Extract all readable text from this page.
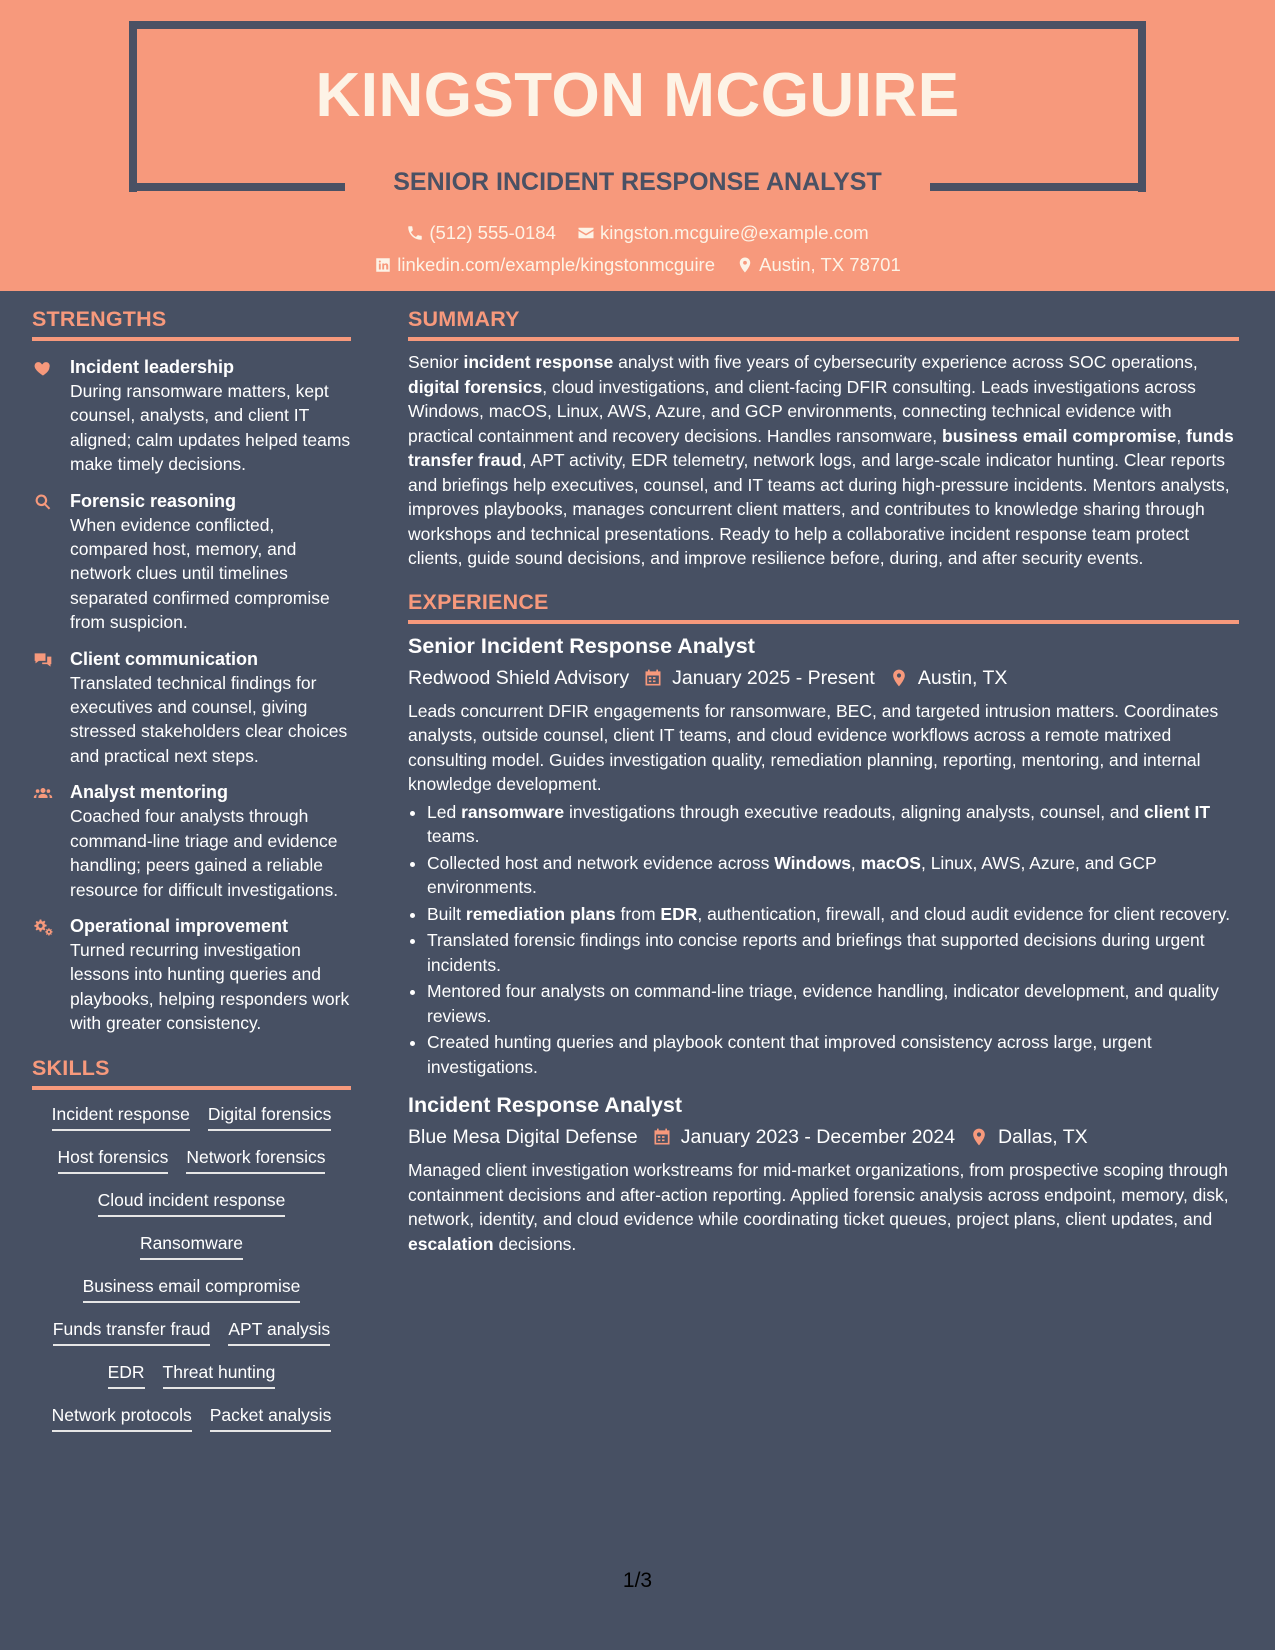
KINGSTON MCGUIRE
SENIOR INCIDENT RESPONSE ANALYST
(512) 555-0184
kingston.mcguire@example.com
linkedin.com/example/kingstonmcguire
Austin, TX 78701
STRENGTHS
Incident leadership
During ransomware matters, kept counsel, analysts, and client IT aligned; calm updates helped teams make timely decisions.
Forensic reasoning
When evidence conflicted, compared host, memory, and network clues until timelines separated confirmed compromise from suspicion.
Client communication
Translated technical findings for executives and counsel, giving stressed stakeholders clear choices and practical next steps.
Analyst mentoring
Coached four analysts through command-line triage and evidence handling; peers gained a reliable resource for difficult investigations.
Operational improvement
Turned recurring investigation lessons into hunting queries and playbooks, helping responders work with greater consistency.
SKILLS
Incident response Digital forensics
Host forensics Network forensics
Cloud incident response
Ransomware
Business email compromise
Funds transfer fraud APT analysis
EDR Threat hunting
Network protocols Packet analysis
SUMMARY
Senior incident response analyst with five years of cybersecurity experience across SOC operations, digital forensics, cloud investigations, and client-facing DFIR consulting. Leads investigations across Windows, macOS, Linux, AWS, Azure, and GCP environments, connecting technical evidence with practical containment and recovery decisions. Handles ransomware, business email compromise, funds transfer fraud, APT activity, EDR telemetry, network logs, and large-scale indicator hunting. Clear reports and briefings help executives, counsel, and IT teams act during high-pressure incidents. Mentors analysts, improves playbooks, manages concurrent client matters, and contributes to knowledge sharing through workshops and technical presentations. Ready to help a collaborative incident response team protect clients, guide sound decisions, and improve resilience before, during, and after security events.
EXPERIENCE
Senior Incident Response Analyst
Redwood Shield Advisory January 2025 - Present Austin, TX
Leads concurrent DFIR engagements for ransomware, BEC, and targeted intrusion matters. Coordinates analysts, outside counsel, client IT teams, and cloud evidence workflows across a remote matrixed consulting model. Guides investigation quality, remediation planning, reporting, mentoring, and internal knowledge development.
• Led ransomware investigations through executive readouts, aligning analysts, counsel, and client IT teams.
• Collected host and network evidence across Windows, macOS, Linux, AWS, Azure, and GCP environments.
• Built remediation plans from EDR, authentication, firewall, and cloud audit evidence for client recovery.
• Translated forensic findings into concise reports and briefings that supported decisions during urgent incidents.
• Mentored four analysts on command-line triage, evidence handling, indicator development, and quality reviews.
• Created hunting queries and playbook content that improved consistency across large, urgent investigations.
Incident Response Analyst
Blue Mesa Digital Defense January 2023 - December 2024 Dallas, TX
Managed client investigation workstreams for mid-market organizations, from prospective scoping through containment decisions and after-action reporting. Applied forensic analysis across endpoint, memory, disk, network, identity, and cloud evidence while coordinating ticket queues, project plans, client updates, and escalation decisions.
1/3
